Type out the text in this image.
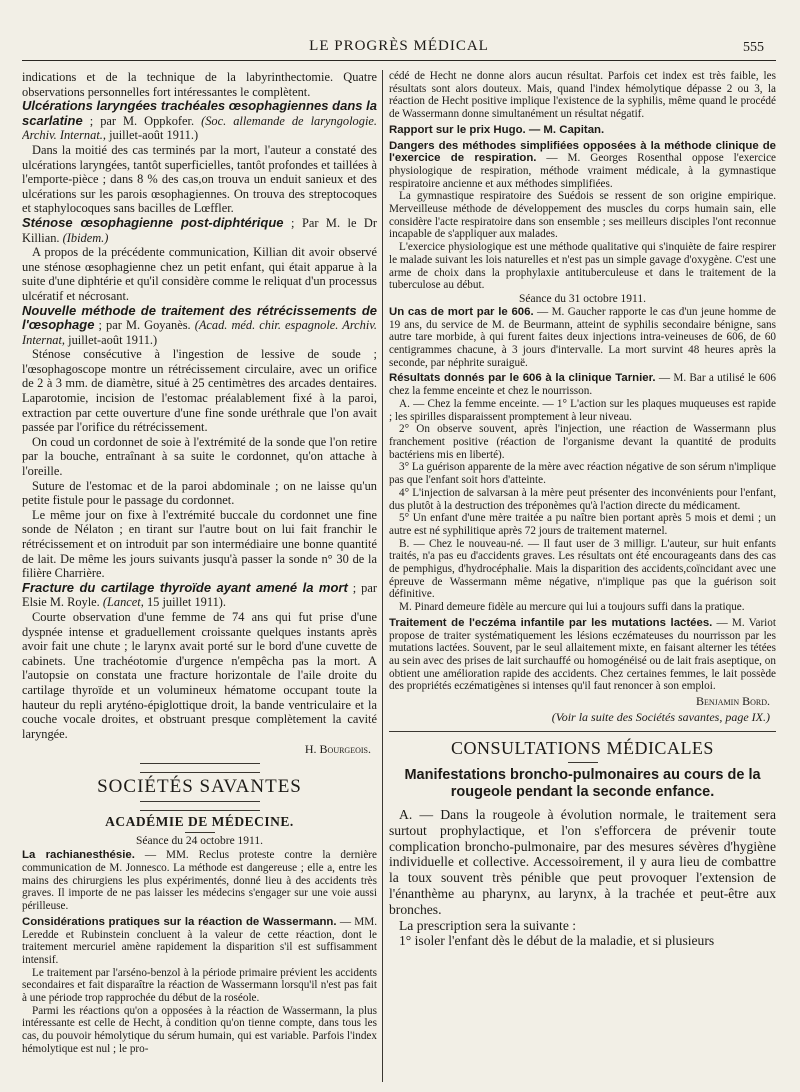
LE PROGRÈS MÉDICAL	555

indications et de la technique de la labyrinthectomie. Quatre observations personnelles fort intéressantes le complètent.

Ulcérations laryngées trachéales œsophagiennes dans la scarlatine ; par M. Oppkofer. (Soc. allemande de laryngologie. Archiv. Internat., juillet-août 1911.)

Dans la moitié des cas terminés par la mort, l'auteur a constaté des ulcérations laryngées, tantôt superficielles, tantôt profondes et taillées à l'emporte-pièce ; dans 8 % des cas,on trouva un enduit sanieux et des ulcérations sur les parois œsophagiennes. On trouva des streptocoques et staphylocoques sans bacilles de Lœffler.

Sténose œsophagienne post-diphtérique ; Par M. le Dr Killian. (Ibidem.)

A propos de la précédente communication, Killian dit avoir observé une sténose œsophagienne chez un petit enfant, qui était apparue à la suite d'une diphtérie et qu'il considère comme le reliquat d'un processus ulcératif et nécrosant.

Nouvelle méthode de traitement des rétrécissements de l'œsophage ; par M. Goyanès. (Acad. méd. chir. espagnole. Archiv. Internat, juillet-août 1911.)

Sténose consécutive à l'ingestion de lessive de soude ; l'œsophagoscope montre un rétrécissement circulaire, avec un orifice de 2 à 3 mm. de diamètre, situé à 25 centimètres des arcades dentaires. Laparotomie, incision de l'estomac préalablement fixé à la paroi, extraction par cette ouverture d'une fine sonde uréthrale que l'on avait passée par l'orifice du rétrécissement.

On coud un cordonnet de soie à l'extrémité de la sonde que l'on retire par la bouche, entraînant à sa suite le cordonnet, qu'on attache à l'oreille.

Suture de l'estomac et de la paroi abdominale ; on ne laisse qu'un petite fistule pour le passage du cordonnet.

Le même jour on fixe à l'extrémité buccale du cordonnet une fine sonde de Nélaton ; en tirant sur l'autre bout on lui fait franchir le rétrécissement et on introduit par son intermédiaire une bonne quantité de lait. De même les jours suivants jusqu'à passer la sonde n° 30 de la filière Charrière.

Fracture du cartilage thyroïde ayant amené la mort ; par Elsie M. Royle. (Lancet, 15 juillet 1911).

Courte observation d'une femme de 74 ans qui fut prise d'une dyspnée intense et graduellement croissante quelques instants après avoir fait une chute ; le larynx avait porté sur le bord d'une cuvette de cabinets. Une trachéotomie d'urgence n'empêcha pas la mort. A l'autopsie on constata une fracture horizontale de l'aile droite du cartilage thyroïde et un volumineux hématome occupant toute la hauteur du repli aryténo-épiglottique droit, la bande ventriculaire et la couche vocale droites, et obstruant presque complètement la cavité laryngée.

H. Bourgeois.

SOCIÉTÉS SAVANTES
ACADÉMIE DE MÉDECINE.
Séance du 24 octobre 1911.

La rachianesthésie. — MM. Reclus proteste contre la dernière communication de M. Jonnesco. La méthode est dangereuse ; elle a, entre les mains des chirurgiens les plus expérimentés, donné lieu à des accidents très graves. Il importe de ne pas laisser les médecins s'engager sur une voie aussi périlleuse.

Considérations pratiques sur la réaction de Wassermann. — MM. Leredde et Rubinstein concluent à la valeur de cette réaction, dont le traitement mercuriel amène rapidement la disparition s'il est suffisamment intensif.

Le traitement par l'arséno-benzol à la période primaire prévient les accidents secondaires et fait disparaître la réaction de Wassermann lorsqu'il n'est pas fait à une période trop rapprochée du début de la roséole.

Parmi les réactions qu'on a opposées à la réaction de Wassermann, la plus intéressante est celle de Hecht, à condition qu'on tienne compte, dans tous les cas, du pouvoir hémolytique du sérum humain, qui est variable. Parfois l'index hémolytique est nul ; le pro-

cédé de Hecht ne donne alors aucun résultat. Parfois cet index est très faible, les résultats sont alors douteux. Mais, quand l'index hémolytique dépasse 2 ou 3, la réaction de Hecht positive implique l'existence de la syphilis, même quand le procédé de Wassermann donne simultanément un résultat négatif.

Rapport sur le prix Hugo. — M. Capitan.

Dangers des méthodes simplifiées opposées à la méthode clinique de l'exercice de respiration. — M. Georges Rosenthal oppose l'exercice physiologique de respiration, méthode vraiment médicale, à la gymnastique respiratoire ancienne et aux méthodes simplifiées.

La gymnastique respiratoire des Suédois se ressent de son origine empirique. Merveilleuse méthode de développement des muscles du corps humain sain, elle considère l'acte respiratoire dans son ensemble ; ses meilleurs disciples l'ont reconnue incapable de s'appliquer aux malades.

L'exercice physiologique est une méthode qualitative qui s'inquiète de faire respirer le malade suivant les lois naturelles et n'est pas un simple gavage d'oxygène. C'est une arme de choix dans la prophylaxie antituberculeuse et dans le traitement de la tuberculose au début.

Séance du 31 octobre 1911.

Un cas de mort par le 606. — M. Gaucher rapporte le cas d'un jeune homme de 19 ans, du service de M. de Beurmann, atteint de syphilis secondaire bénigne, sans autre tare morbide, à qui furent faites deux injections intra-veineuses de 606, de 60 centigrammes chacune, à 3 jours d'intervalle. La mort survint 48 heures après la seconde, par néphrite suraiguë.

Résultats donnés par le 606 à la clinique Tarnier. — M. Bar a utilisé le 606 chez la femme enceinte et chez le nourrisson.

A. — Chez la femme enceinte. — 1° L'action sur les plaques muqueuses est rapide ; les spirilles disparaissent promptement à leur niveau.

2° On observe souvent, après l'injection, une réaction de Wassermann plus franchement positive (réaction de l'organisme devant la quantité de produits bactériens mis en liberté).

3° La guérison apparente de la mère avec réaction négative de son sérum n'implique pas que l'enfant soit hors d'atteinte.

4° L'injection de salvarsan à la mère peut présenter des inconvénients pour l'enfant, dus plutôt à la destruction des tréponèmes qu'à l'action directe du médicament.

5° Un enfant d'une mère traitée a pu naître bien portant après 5 mois et demi ; un autre est né syphilitique après 72 jours de traitement maternel.

B. — Chez le nouveau-né. — Il faut user de 3 milligr. L'auteur, sur huit enfants traités, n'a pas eu d'accidents graves. Les résultats ont été encourageants dans des cas de pemphigus, d'hydrocéphalie. Mais la disparition des accidents,coïncidant avec une épreuve de Wassermann même négative, n'implique pas que la guérison soit définitive.

M. Pinard demeure fidèle au mercure qui lui a toujours suffi dans la pratique.

Traitement de l'eczéma infantile par les mutations lactées. — M. Variot propose de traiter systématiquement les lésions eczémateuses du nourrisson par les mutations lactées. Souvent, par le seul allaitement mixte, en faisant alterner les tétées au sein avec des prises de lait surchauffé ou homogénéisé ou de lait frais aseptique, on obtient une amélioration rapide des accidents. Chez certaines femmes, le lait possède des propriétés eczématigènes si intenses qu'il faut renoncer à son emploi.

Benjamin Bord.

(Voir la suite des Sociétés savantes, page IX.)

CONSULTATIONS MÉDICALES
Manifestations broncho-pulmonaires au cours de la rougeole pendant la seconde enfance.

A. — Dans la rougeole à évolution normale, le traitement sera surtout prophylactique, et l'on s'efforcera de prévenir toute complication broncho-pulmonaire, par des mesures sévères d'hygiène individuelle et collective. Accessoirement, il y aura lieu de combattre la toux souvent très pénible que peut provoquer l'extension de l'énanthème au pharynx, au larynx, à la trachée et peut-être aux bronches.

La prescription sera la suivante :

1° isoler l'enfant dès le début de la maladie, et si plusieurs
